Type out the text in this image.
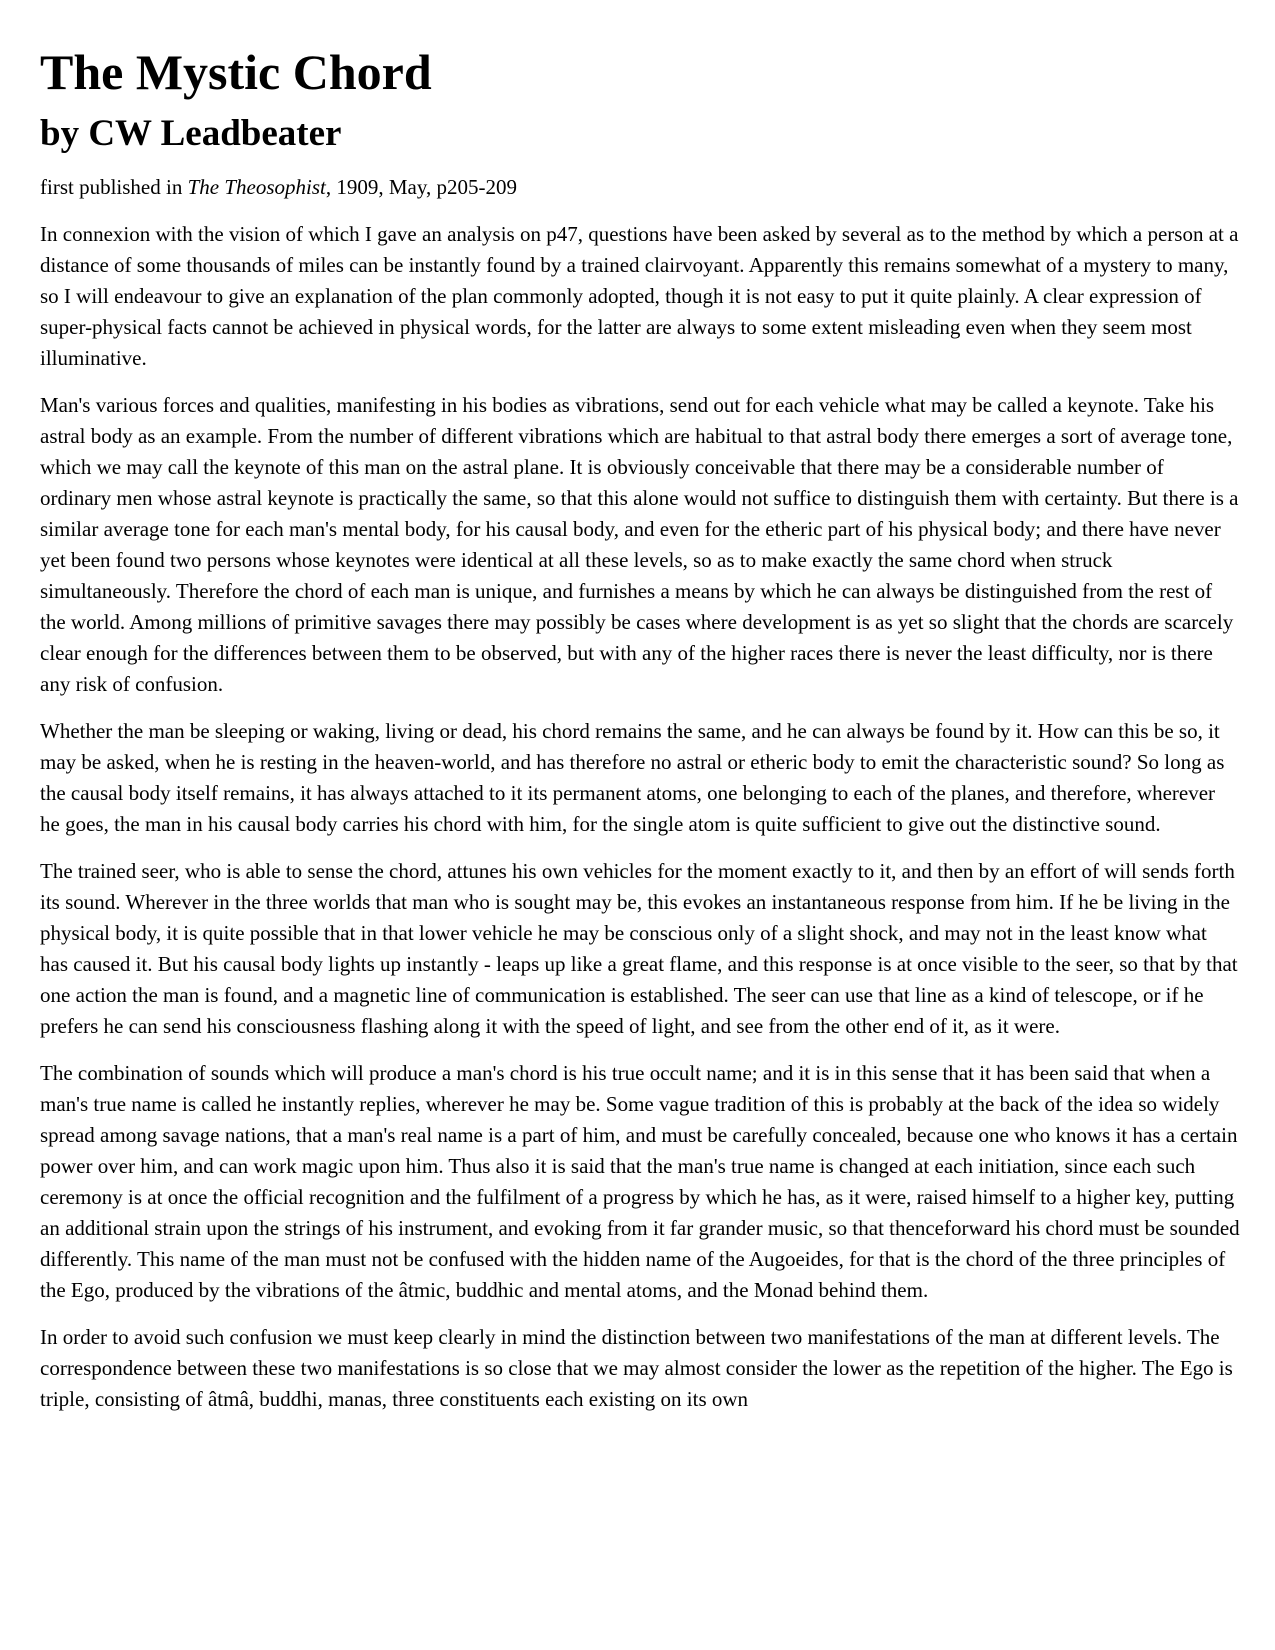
The Mystic Chord
by CW Leadbeater
first published in The Theosophist, 1909, May, p205-209

In connexion with the vision of which I gave an analysis on p47, questions have been asked by several as to the method by which a person at a distance of some thousands of miles can be instantly found by a trained clairvoyant. Apparently this remains somewhat of a mystery to many, so I will endeavour to give an explanation of the plan commonly adopted, though it is not easy to put it quite plainly. A clear expression of super-physical facts cannot be achieved in physical words, for the latter are always to some extent misleading even when they seem most illuminative.

Man's various forces and qualities, manifesting in his bodies as vibrations, send out for each vehicle what may be called a keynote. Take his astral body as an example. From the number of different vibrations which are habitual to that astral body there emerges a sort of average tone, which we may call the keynote of this man on the astral plane. It is obviously conceivable that there may be a considerable number of ordinary men whose astral keynote is practically the same, so that this alone would not suffice to distinguish them with certainty. But there is a similar average tone for each man's mental body, for his causal body, and even for the etheric part of his physical body; and there have never yet been found two persons whose keynotes were identical at all these levels, so as to make exactly the same chord when struck simultaneously. Therefore the chord of each man is unique, and furnishes a means by which he can always be distinguished from the rest of the world. Among millions of primitive savages there may possibly be cases where development is as yet so slight that the chords are scarcely clear enough for the differences between them to be observed, but with any of the higher races there is never the least difficulty, nor is there any risk of confusion.

Whether the man be sleeping or waking, living or dead, his chord remains the same, and he can always be found by it. How can this be so, it may be asked, when he is resting in the heaven-world, and has therefore no astral or etheric body to emit the characteristic sound? So long as the causal body itself remains, it has always attached to it its permanent atoms, one belonging to each of the planes, and therefore, wherever he goes, the man in his causal body carries his chord with him, for the single atom is quite sufficient to give out the distinctive sound.

The trained seer, who is able to sense the chord, attunes his own vehicles for the moment exactly to it, and then by an effort of will sends forth its sound. Wherever in the three worlds that man who is sought may be, this evokes an instantaneous response from him. If he be living in the physical body, it is quite possible that in that lower vehicle he may be conscious only of a slight shock, and may not in the least know what has caused it. But his causal body lights up instantly - leaps up like a great flame, and this response is at once visible to the seer, so that by that one action the man is found, and a magnetic line of communication is established. The seer can use that line as a kind of telescope, or if he prefers he can send his consciousness flashing along it with the speed of light, and see from the other end of it, as it were.

The combination of sounds which will produce a man's chord is his true occult name; and it is in this sense that it has been said that when a man's true name is called he instantly replies, wherever he may be. Some vague tradition of this is probably at the back of the idea so widely spread among savage nations, that a man's real name is a part of him, and must be carefully concealed, because one who knows it has a certain power over him, and can work magic upon him. Thus also it is said that the man's true name is changed at each initiation, since each such ceremony is at once the official recognition and the fulfilment of a progress by which he has, as it were, raised himself to a higher key, putting an additional strain upon the strings of his instrument, and evoking from it far grander music, so that thenceforward his chord must be sounded differently. This name of the man must not be confused with the hidden name of the Augoeides, for that is the chord of the three principles of the Ego, produced by the vibrations of the âtmic, buddhic and mental atoms, and the Monad behind them.

In order to avoid such confusion we must keep clearly in mind the distinction between two manifestations of the man at different levels. The correspondence between these two manifestations is so close that we may almost consider the lower as the repetition of the higher. The Ego is triple, consisting of âtmâ, buddhi, manas, three constituents each existing on its own
